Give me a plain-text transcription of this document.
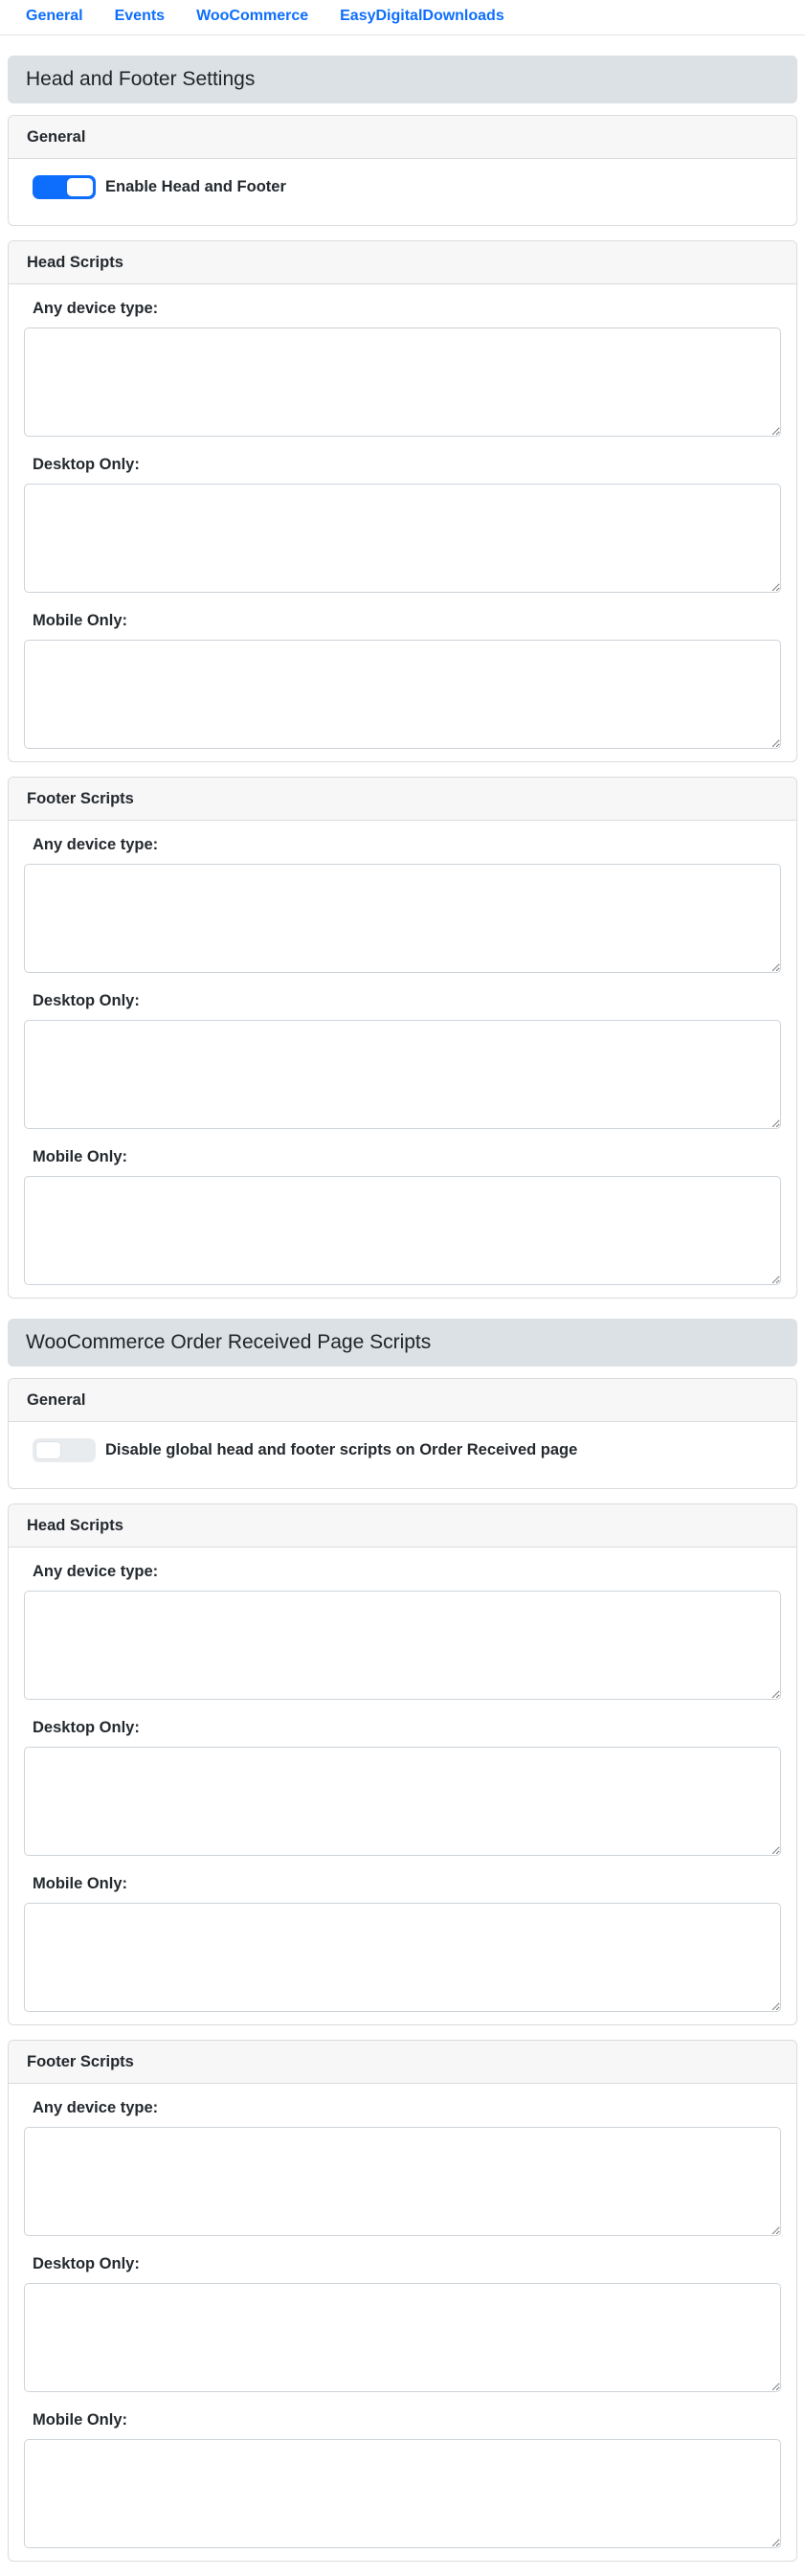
General Events WooCommerce EasyDigitalDownloads
Head and Footer Settings
General
Enable Head and Footer
Head Scripts
Any device type:
Desktop Only:
Mobile Only:
Footer Scripts
Any device type:
Desktop Only:
Mobile Only:
WooCommerce Order Received Page Scripts
General
Disable global head and footer scripts on Order Received page
Head Scripts
Any device type:
Desktop Only:
Mobile Only:
Footer Scripts
Any device type:
Desktop Only:
Mobile Only:
